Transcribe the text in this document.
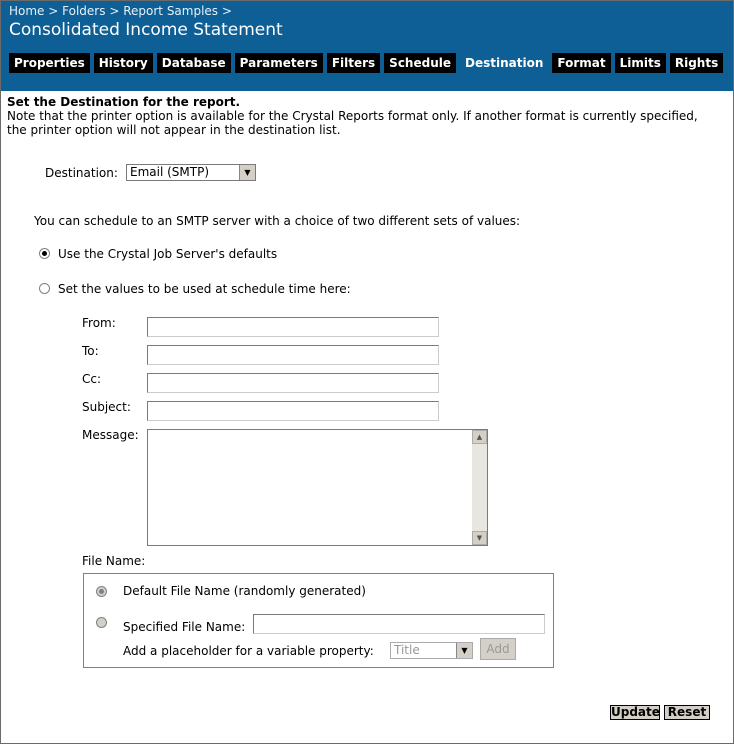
Home > Folders > Report Samples >
Consolidated Income Statement
Properties	History	Database	Parameters	Filters	Schedule	Destination	Format	Limits	Rights
Set the Destination for the report.
Note that the printer option is available for the Crystal Reports format only. If another format is currently specified, the printer option will not appear in the destination list.
Destination:	Email (SMTP)	▼
You can schedule to an SMTP server with a choice of two different sets of values:
Use the Crystal Job Server's defaults
Set the values to be used at schedule time here:
From:
To:
Cc:
Subject:
Message:	▲
▼
File Name:
Default File Name (randomly generated)
Specified File Name:
Add a placeholder for a variable property:	Title	▼	Add
Update Reset
